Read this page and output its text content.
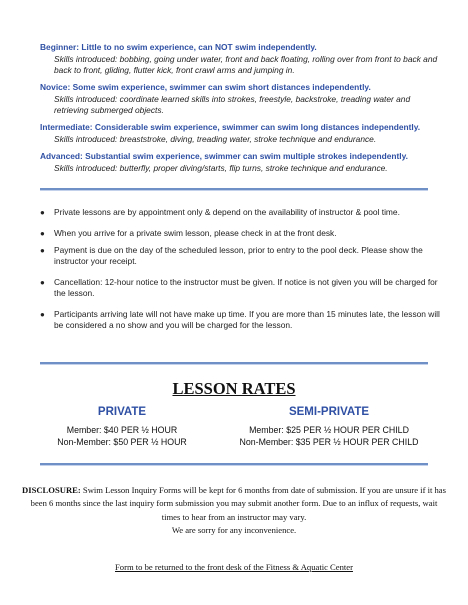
Beginner: Little to no swim experience, can NOT swim independently.
Skills introduced: bobbing, going under water, front and back floating, rolling over from front to back and back to front, gliding, flutter kick, front crawl arms and jumping in.
Novice: Some swim experience, swimmer can swim short distances independently.
Skills introduced: coordinate learned skills into strokes, freestyle, backstroke, treading water and retrieving submerged objects.
Intermediate: Considerable swim experience, swimmer can swim long distances independently.
Skills introduced: breaststroke, diving, treading water, stroke technique and endurance.
Advanced: Substantial swim experience, swimmer can swim multiple strokes independently.
Skills introduced: butterfly, proper diving/starts, flip turns, stroke technique and endurance.
● Private lessons are by appointment only & depend on the availability of instructor & pool time.
● When you arrive for a private swim lesson, please check in at the front desk.
● Payment is due on the day of the scheduled lesson, prior to entry to the pool deck. Please show the instructor your receipt.
● Cancellation: 12-hour notice to the instructor must be given. If notice is not given you will be charged for the lesson.
● Participants arriving late will not have make up time. If you are more than 15 minutes late, the lesson will be considered a no show and you will be charged for the lesson.
LESSON RATES
PRIVATE
Member: $40 PER ½ HOUR
Non-Member: $50 PER ½ HOUR
SEMI-PRIVATE
Member: $25 PER ½ HOUR PER CHILD
Non-Member: $35 PER ½ HOUR PER CHILD
DISCLOSURE: Swim Lesson Inquiry Forms will be kept for 6 months from date of submission. If you are unsure if it has been 6 months since the last inquiry form submission you may submit another form. Due to an influx of requests, wait times to hear from an instructor may vary.
We are sorry for any inconvenience.
Form to be returned to the front desk of the Fitness & Aquatic Center
